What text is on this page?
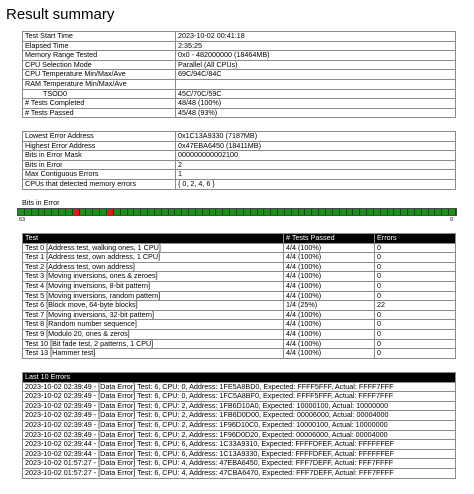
Result summary
Test Start Time	2023-10-02 00:41:18
Elapsed Time	2:35:25
Memory Range Tested	0x0 - 482000000 (18464MB)
CPU Selection Mode	Parallel (All CPUs)
CPU Temperature Min/Max/Ave	69C/94C/84C
RAM Temperature Min/Max/Ave	
TSOD0	45C/70C/59C
# Tests Completed	48/48 (100%)
# Tests Passed	45/48 (93%)
Lowest Error Address	0x1C13A9330 (7187MB)
Highest Error Address	0x47EBA6450 (18411MB)
Bits in Error Mask	000000000002100
Bits in Error	2
Max Contiguous Errors	1
CPUs that detected memory errors	{ 0, 2, 4, 6 }
Bits in Error
63	0
Test	# Tests Passed	Errors
Test 0 [Address test, walking ones, 1 CPU]	4/4 (100%)	0
Test 1 [Address test, own address, 1 CPU]	4/4 (100%)	0
Test 2 [Address test, own address]	4/4 (100%)	0
Test 3 [Moving inversions, ones & zeroes]	4/4 (100%)	0
Test 4 [Moving inversions, 8-bit pattern]	4/4 (100%)	0
Test 5 [Moving inversions, random pattern]	4/4 (100%)	0
Test 6 [Block move, 64-byte blocks]	1/4 (25%)	22
Test 7 [Moving inversions, 32-bit pattern]	4/4 (100%)	0
Test 8 [Random number sequence]	4/4 (100%)	0
Test 9 [Modulo 20, ones & zeros]	4/4 (100%)	0
Test 10 [Bit fade test, 2 patterns, 1 CPU]	4/4 (100%)	0
Test 13 [Hammer test]	4/4 (100%)	0
Last 10 Errors
2023-10-02 02:39:49 - [Data Error] Test: 6, CPU: 0, Address: 1FE5A8BD0, Expected: FFFF5FFF, Actual: FFFF7FFF
2023-10-02 02:39:49 - [Data Error] Test: 6, CPU: 0, Address: 1FC5A8BF0, Expected: FFFF5FFF, Actual: FFFF7FFF
2023-10-02 02:39:49 - [Data Error] Test: 6, CPU: 2, Address: 1FB6D10A0, Expected: 10000100, Actual: 10000000
2023-10-02 02:39:49 - [Data Error] Test: 6, CPU: 2, Address: 1FB6D0D00, Expected: 00006000, Actual: 00004000
2023-10-02 02:39:49 - [Data Error] Test: 6, CPU: 2, Address: 1F96D10C0, Expected: 10000100, Actual: 10000000
2023-10-02 02:39:49 - [Data Error] Test: 6, CPU: 2, Address: 1F96D0D20, Expected: 00006000, Actual: 00004000
2023-10-02 02:39:44 - [Data Error] Test: 6, CPU: 6, Address: 1C33A9310, Expected: FFFFDFEF, Actual: FFFFFFEF
2023-10-02 02:39:44 - [Data Error] Test: 6, CPU: 6, Address: 1C13A9330, Expected: FFFFDFEF, Actual: FFFFFFEF
2023-10-02 01:57:27 - [Data Error] Test: 6, CPU: 4, Address: 47EBA6450, Expected: FFF7DEFF, Actual: FFF7FFFF
2023-10-02 01:57:27 - [Data Error] Test: 6, CPU: 4, Address: 47CBA6470, Expected: FFF7DEFF, Actual: FFF7FFFF
